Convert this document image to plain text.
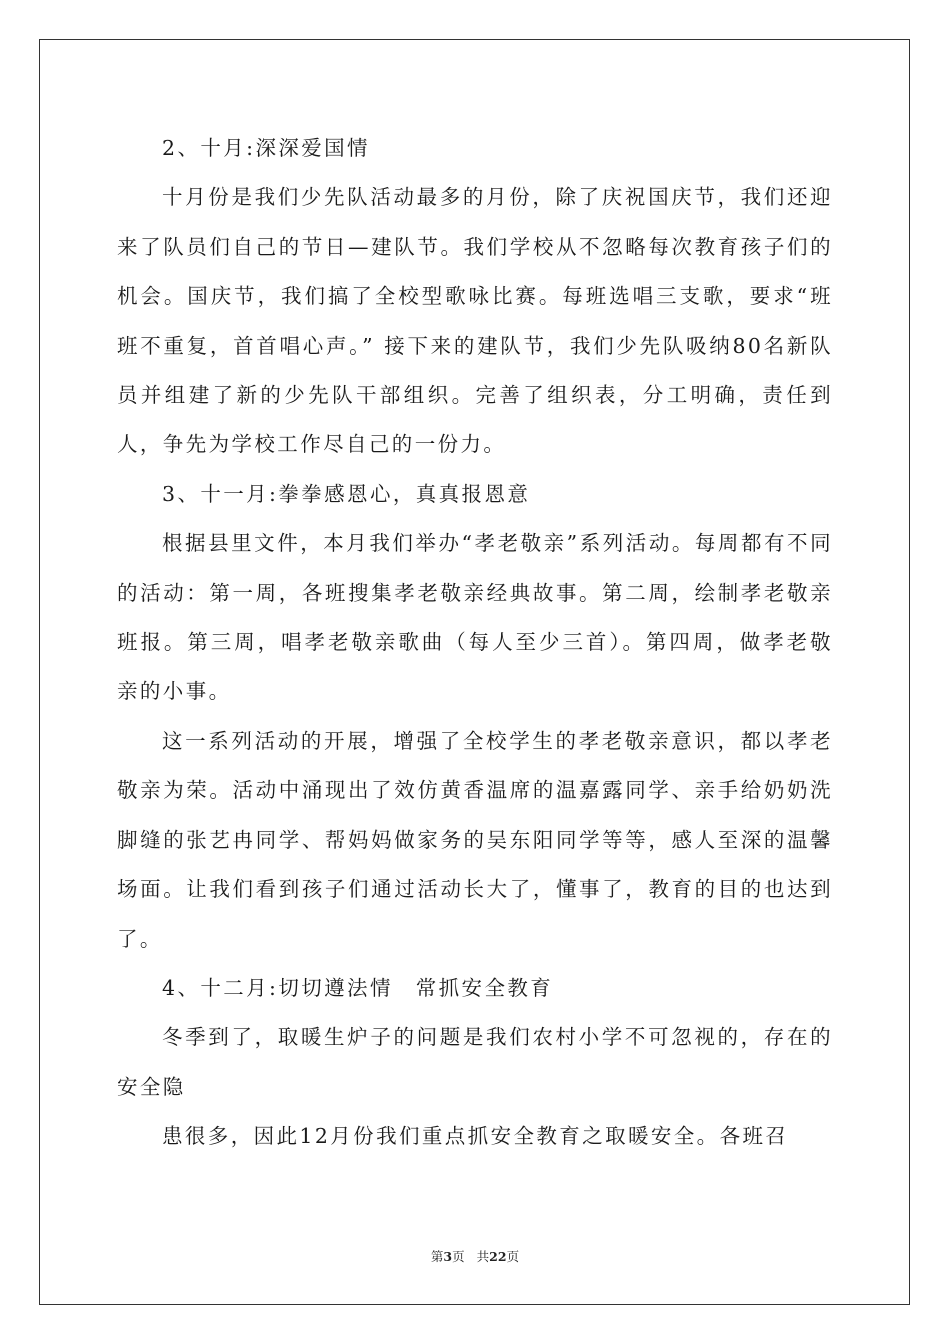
2、十月:深深爱国情

十月份是我们少先队活动最多的月份，除了庆祝国庆节，我们还迎来了队员们自己的节日—建队节。我们学校从不忽略每次教育孩子们的机会。国庆节，我们搞了全校型歌咏比赛。每班选唱三支歌，要求“班班不重复，首首唱心声。” 接下来的建队节，我们少先队吸纳80名新队员并组建了新的少先队干部组织。完善了组织表，分工明确，责任到人，争先为学校工作尽自己的一份力。

3、十一月:拳拳感恩心，真真报恩意

根据县里文件，本月我们举办“孝老敬亲”系列活动。每周都有不同的活动：第一周，各班搜集孝老敬亲经典故事。第二周，绘制孝老敬亲班报。第三周，唱孝老敬亲歌曲（每人至少三首）。第四周，做孝老敬亲的小事。

这一系列活动的开展，增强了全校学生的孝老敬亲意识，都以孝老敬亲为荣。活动中涌现出了效仿黄香温席的温嘉露同学、亲手给奶奶洗脚缝的张艺冉同学、帮妈妈做家务的吴东阳同学等等，感人至深的温馨场面。让我们看到孩子们通过活动长大了，懂事了，教育的目的也达到了。

4、十二月:切切遵法情　常抓安全教育

冬季到了，取暖生炉子的问题是我们农村小学不可忽视的，存在的安全隐

患很多，因此12月份我们重点抓安全教育之取暖安全。各班召

第3页 共22页
